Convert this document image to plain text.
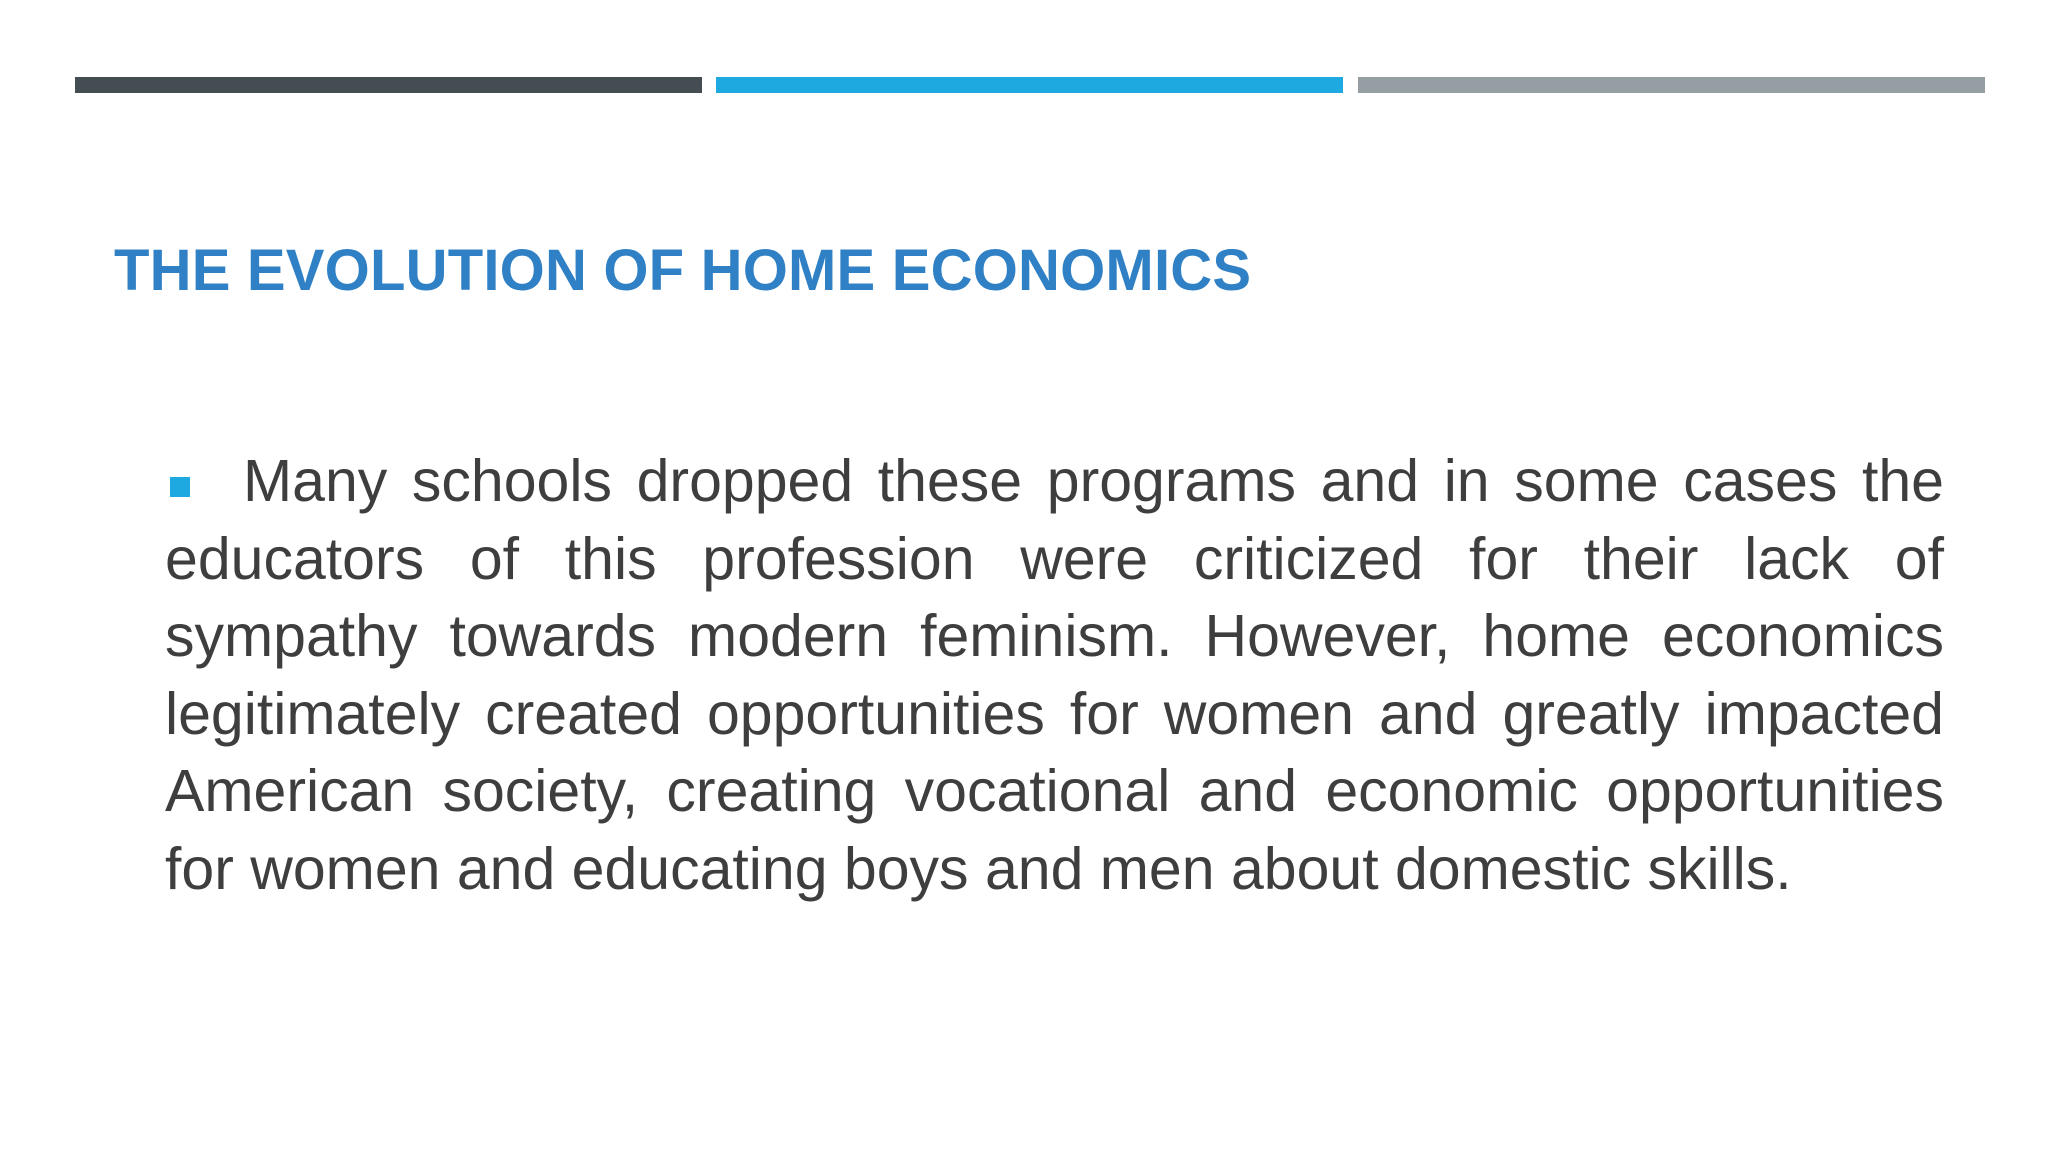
THE EVOLUTION OF HOME ECONOMICS

Many schools dropped these programs and in some cases the educators of this profession were criticized for their lack of sympathy towards modern feminism. However, home economics legitimately created opportunities for women and greatly impacted American society, creating vocational and economic opportunities for women and educating boys and men about domestic skills.
